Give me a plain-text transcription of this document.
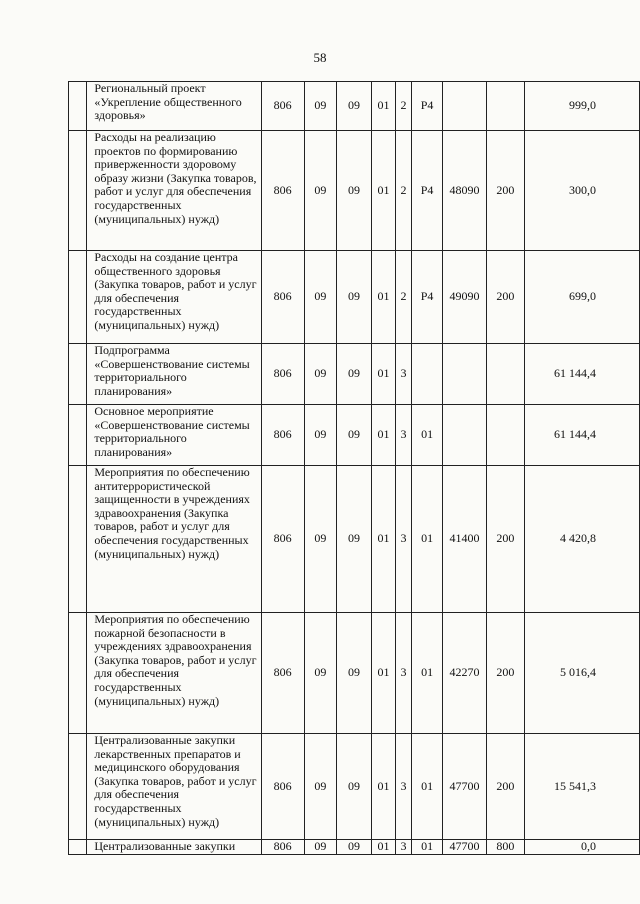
58
	Региональный проект «Укрепление общественного здоровья»	806	09	09	01	2	P4			999,0
	Расходы на реализацию проектов по формированию приверженности здоровому образу жизни (Закупка товаров, работ и услуг для обеспечения государственных (муниципальных) нужд)	806	09	09	01	2	P4	48090	200	300,0
	Расходы на создание центра общественного здоровья (Закупка товаров, работ и услуг для обеспечения государственных (муниципальных) нужд)	806	09	09	01	2	P4	49090	200	699,0
	Подпрограмма «Совершенствование системы территориального планирования»	806	09	09	01	3				61 144,4
	Основное мероприятие «Совершенствование системы территориального планирования»	806	09	09	01	3	01			61 144,4
	Мероприятия по обеспечению антитеррористической защищенности в учреждениях здравоохранения (Закупка товаров, работ и услуг для обеспечения государственных (муниципальных) нужд)	806	09	09	01	3	01	41400	200	4 420,8
	Мероприятия по обеспечению пожарной безопасности в учреждениях здравоохранения (Закупка товаров, работ и услуг для обеспечения государственных (муниципальных) нужд)	806	09	09	01	3	01	42270	200	5 016,4
	Централизованные закупки лекарственных препаратов и медицинского оборудования (Закупка товаров, работ и услуг для обеспечения государственных (муниципальных) нужд)	806	09	09	01	3	01	47700	200	15 541,3
	Централизованные закупки	806	09	09	01	3	01	47700	800	0,0
